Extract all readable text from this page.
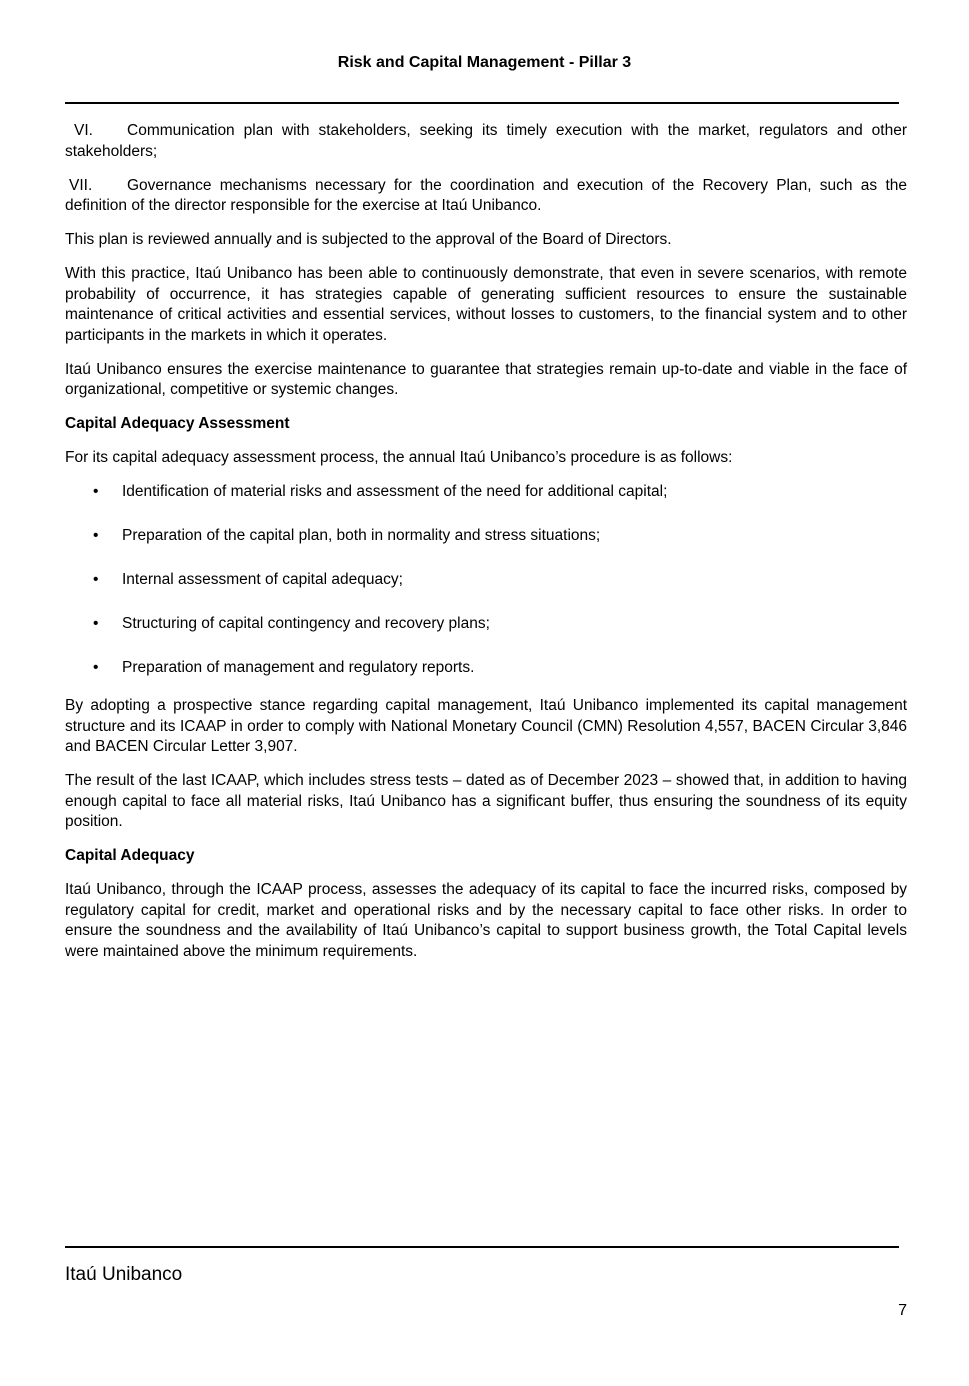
Risk and Capital Management - Pillar 3
VI. Communication plan with stakeholders, seeking its timely execution with the market, regulators and other stakeholders;
VII. Governance mechanisms necessary for the coordination and execution of the Recovery Plan, such as the definition of the director responsible for the exercise at Itaú Unibanco.

This plan is reviewed annually and is subjected to the approval of the Board of Directors.

With this practice, Itaú Unibanco has been able to continuously demonstrate, that even in severe scenarios, with remote probability of occurrence, it has strategies capable of generating sufficient resources to ensure the sustainable maintenance of critical activities and essential services, without losses to customers, to the financial system and to other participants in the markets in which it operates.

Itaú Unibanco ensures the exercise maintenance to guarantee that strategies remain up-to-date and viable in the face of organizational, competitive or systemic changes.

Capital Adequacy Assessment

For its capital adequacy assessment process, the annual Itaú Unibanco’s procedure is as follows:

• Identification of material risks and assessment of the need for additional capital;
• Preparation of the capital plan, both in normality and stress situations;
• Internal assessment of capital adequacy;
• Structuring of capital contingency and recovery plans;
• Preparation of management and regulatory reports.

By adopting a prospective stance regarding capital management, Itaú Unibanco implemented its capital management structure and its ICAAP in order to comply with National Monetary Council (CMN) Resolution 4,557, BACEN Circular 3,846 and BACEN Circular Letter 3,907.

The result of the last ICAAP, which includes stress tests – dated as of December 2023 – showed that, in addition to having enough capital to face all material risks, Itaú Unibanco has a significant buffer, thus ensuring the soundness of its equity position.

Capital Adequacy

Itaú Unibanco, through the ICAAP process, assesses the adequacy of its capital to face the incurred risks, composed by regulatory capital for credit, market and operational risks and by the necessary capital to face other risks. In order to ensure the soundness and the availability of Itaú Unibanco’s capital to support business growth, the Total Capital levels were maintained above the minimum requirements.

Itaú Unibanco
7
